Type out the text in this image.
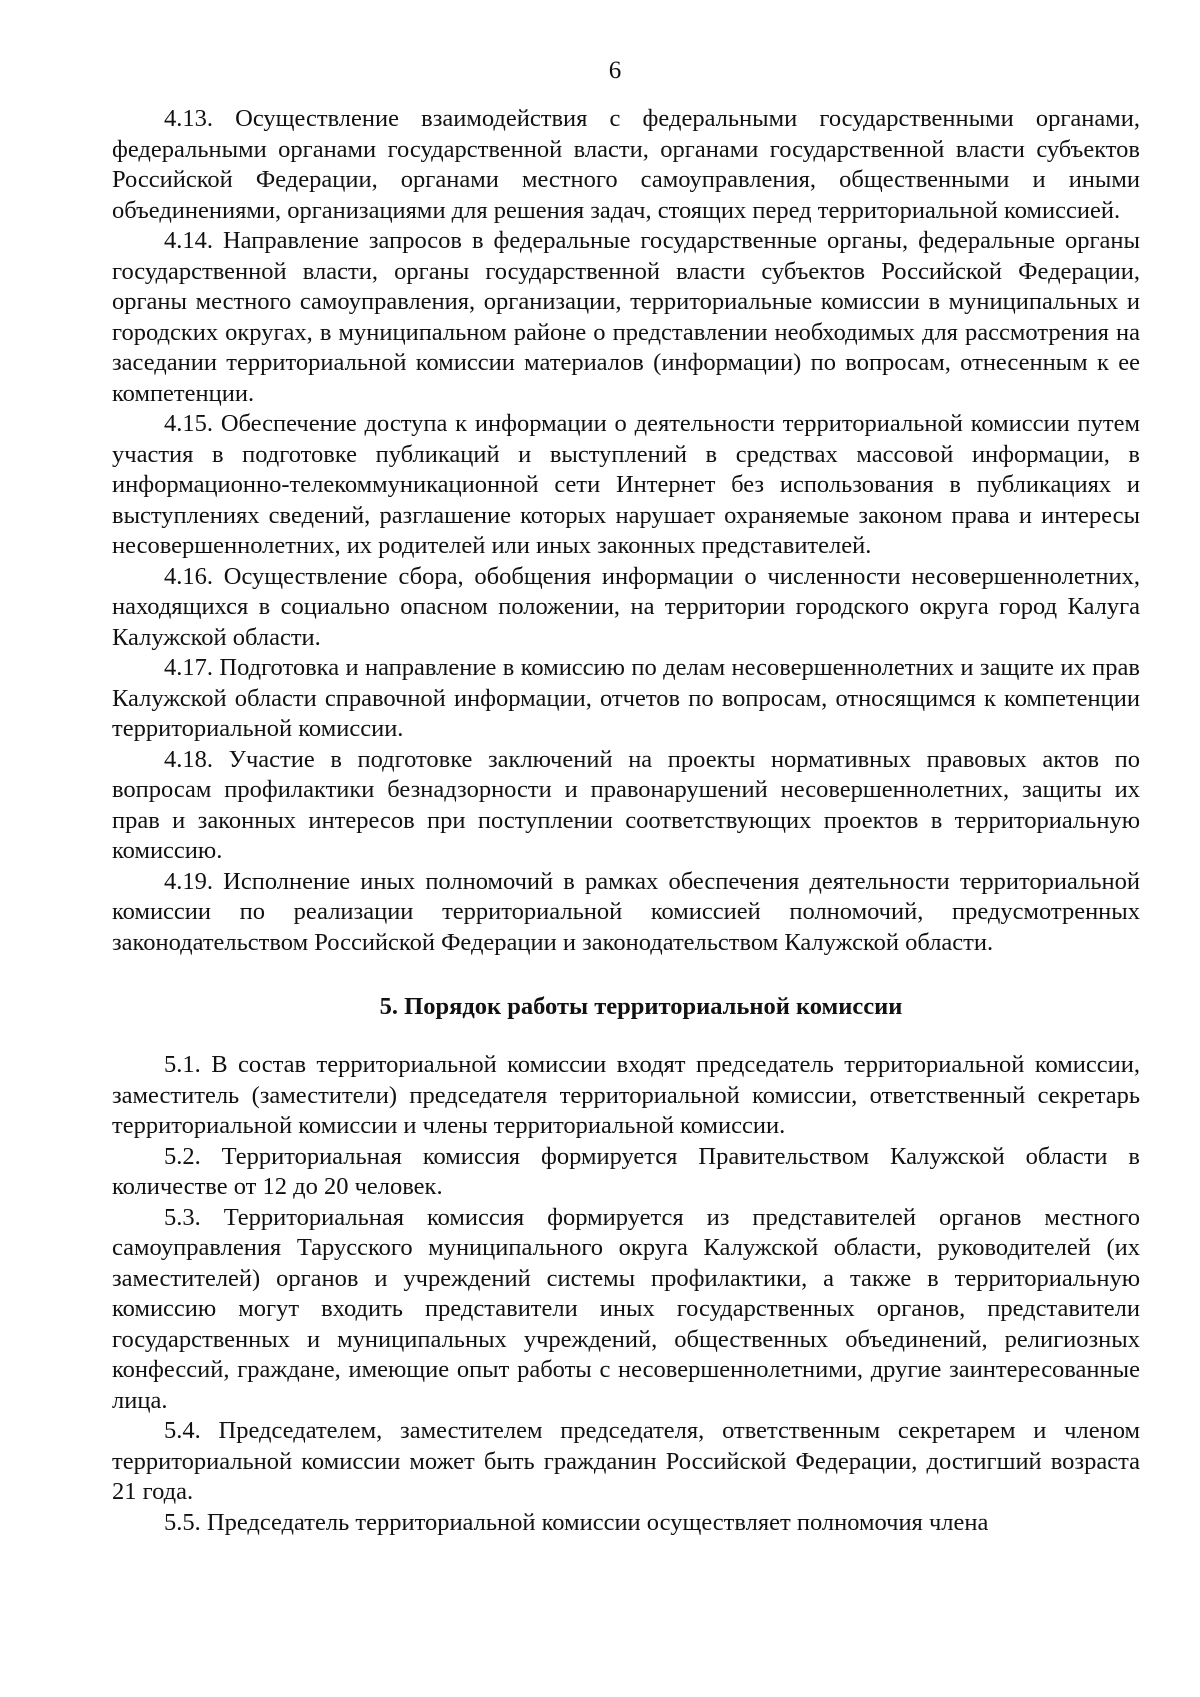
6

4.13. Осуществление взаимодействия с федеральными государственными органами, федеральными органами государственной власти, органами государственной власти субъектов Российской Федерации, органами местного самоуправления, общественными и иными объединениями, организациями для решения задач, стоящих перед территориальной комиссией.

4.14. Направление запросов в федеральные государственные органы, федеральные органы государственной власти, органы государственной власти субъектов Российской Федерации, органы местного самоуправления, организации, территориальные комиссии в муниципальных и городских округах, в муниципальном районе о представлении необходимых для рассмотрения на заседании территориальной комиссии материалов (информации) по вопросам, отнесенным к ее компетенции.

4.15. Обеспечение доступа к информации о деятельности территориальной комиссии путем участия в подготовке публикаций и выступлений в средствах массовой информации, в информационно-телекоммуникационной сети Интернет без использования в публикациях и выступлениях сведений, разглашение которых нарушает охраняемые законом права и интересы несовершеннолетних, их родителей или иных законных представителей.

4.16. Осуществление сбора, обобщения информации о численности несовершеннолетних, находящихся в социально опасном положении, на территории городского округа город Калуга Калужской области.

4.17. Подготовка и направление в комиссию по делам несовершеннолетних и защите их прав Калужской области справочной информации, отчетов по вопросам, относящимся к компетенции территориальной комиссии.

4.18. Участие в подготовке заключений на проекты нормативных правовых актов по вопросам профилактики безнадзорности и правонарушений несовершеннолетних, защиты их прав и законных интересов при поступлении соответствующих проектов в территориальную комиссию.

4.19. Исполнение иных полномочий в рамках обеспечения деятельности территориальной комиссии по реализации территориальной комиссией полномочий, предусмотренных законодательством Российской Федерации и законодательством Калужской области.

5. Порядок работы территориальной комиссии

5.1. В состав территориальной комиссии входят председатель территориальной комиссии, заместитель (заместители) председателя территориальной комиссии, ответственный секретарь территориальной комиссии и члены территориальной комиссии.

5.2. Территориальная комиссия формируется Правительством Калужской области в количестве от 12 до 20 человек.

5.3. Территориальная комиссия формируется из представителей органов местного самоуправления Тарусского муниципального округа Калужской области, руководителей (их заместителей) органов и учреждений системы профилактики, а также в территориальную комиссию могут входить представители иных государственных органов, представители государственных и муниципальных учреждений, общественных объединений, религиозных конфессий, граждане, имеющие опыт работы с несовершеннолетними, другие заинтересованные лица.

5.4. Председателем, заместителем председателя, ответственным секретарем и членом территориальной комиссии может быть гражданин Российской Федерации, достигший возраста 21 года.

5.5. Председатель территориальной комиссии осуществляет полномочия члена
